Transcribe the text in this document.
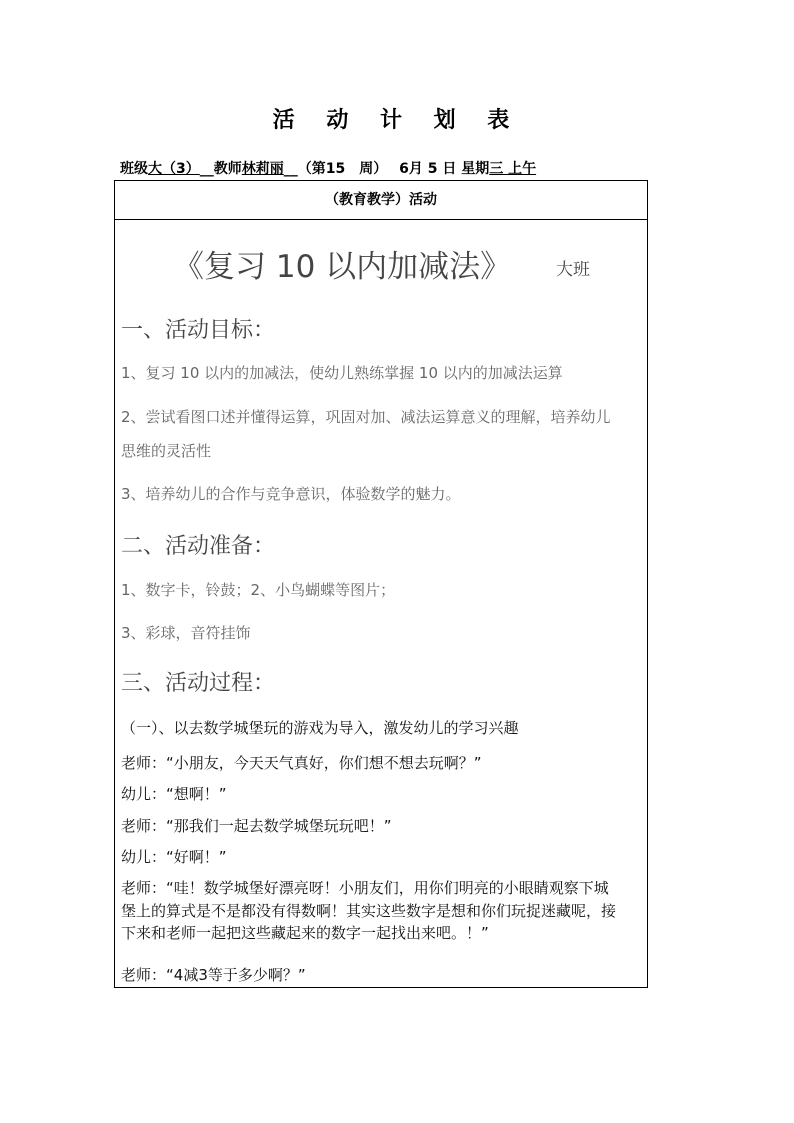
活 动 计 划 表
班级大（3）__教师林莉丽__（第15　周）　 6月 5 日 星期三 上午
（教育教学）活动
《复习 10 以内加减法》	大班
一、活动目标：
1、复习 10 以内的加减法，使幼儿熟练掌握 10 以内的加减法运算
2、尝试看图口述并懂得运算，巩固对加、减法运算意义的理解，培养幼儿
思维的灵活性
3、培养幼儿的合作与竞争意识，体验数学的魅力。
二、活动准备：
1、数字卡，铃鼓；2、小鸟蝴蝶等图片；
3、彩球，音符挂饰
三、活动过程：
（一）、以去数学城堡玩的游戏为导入，激发幼儿的学习兴趣
老师：“小朋友，今天天气真好，你们想不想去玩啊？”
幼儿：“想啊！”
老师：“那我们一起去数学城堡玩玩吧！”
幼儿：“好啊！”
老师：“哇！数学城堡好漂亮呀！小朋友们，用你们明亮的小眼睛观察下城
堡上的算式是不是都没有得数啊！其实这些数字是想和你们玩捉迷藏呢，接
下来和老师一起把这些藏起来的数字一起找出来吧。！”
老师：“4减3等于多少啊？”
